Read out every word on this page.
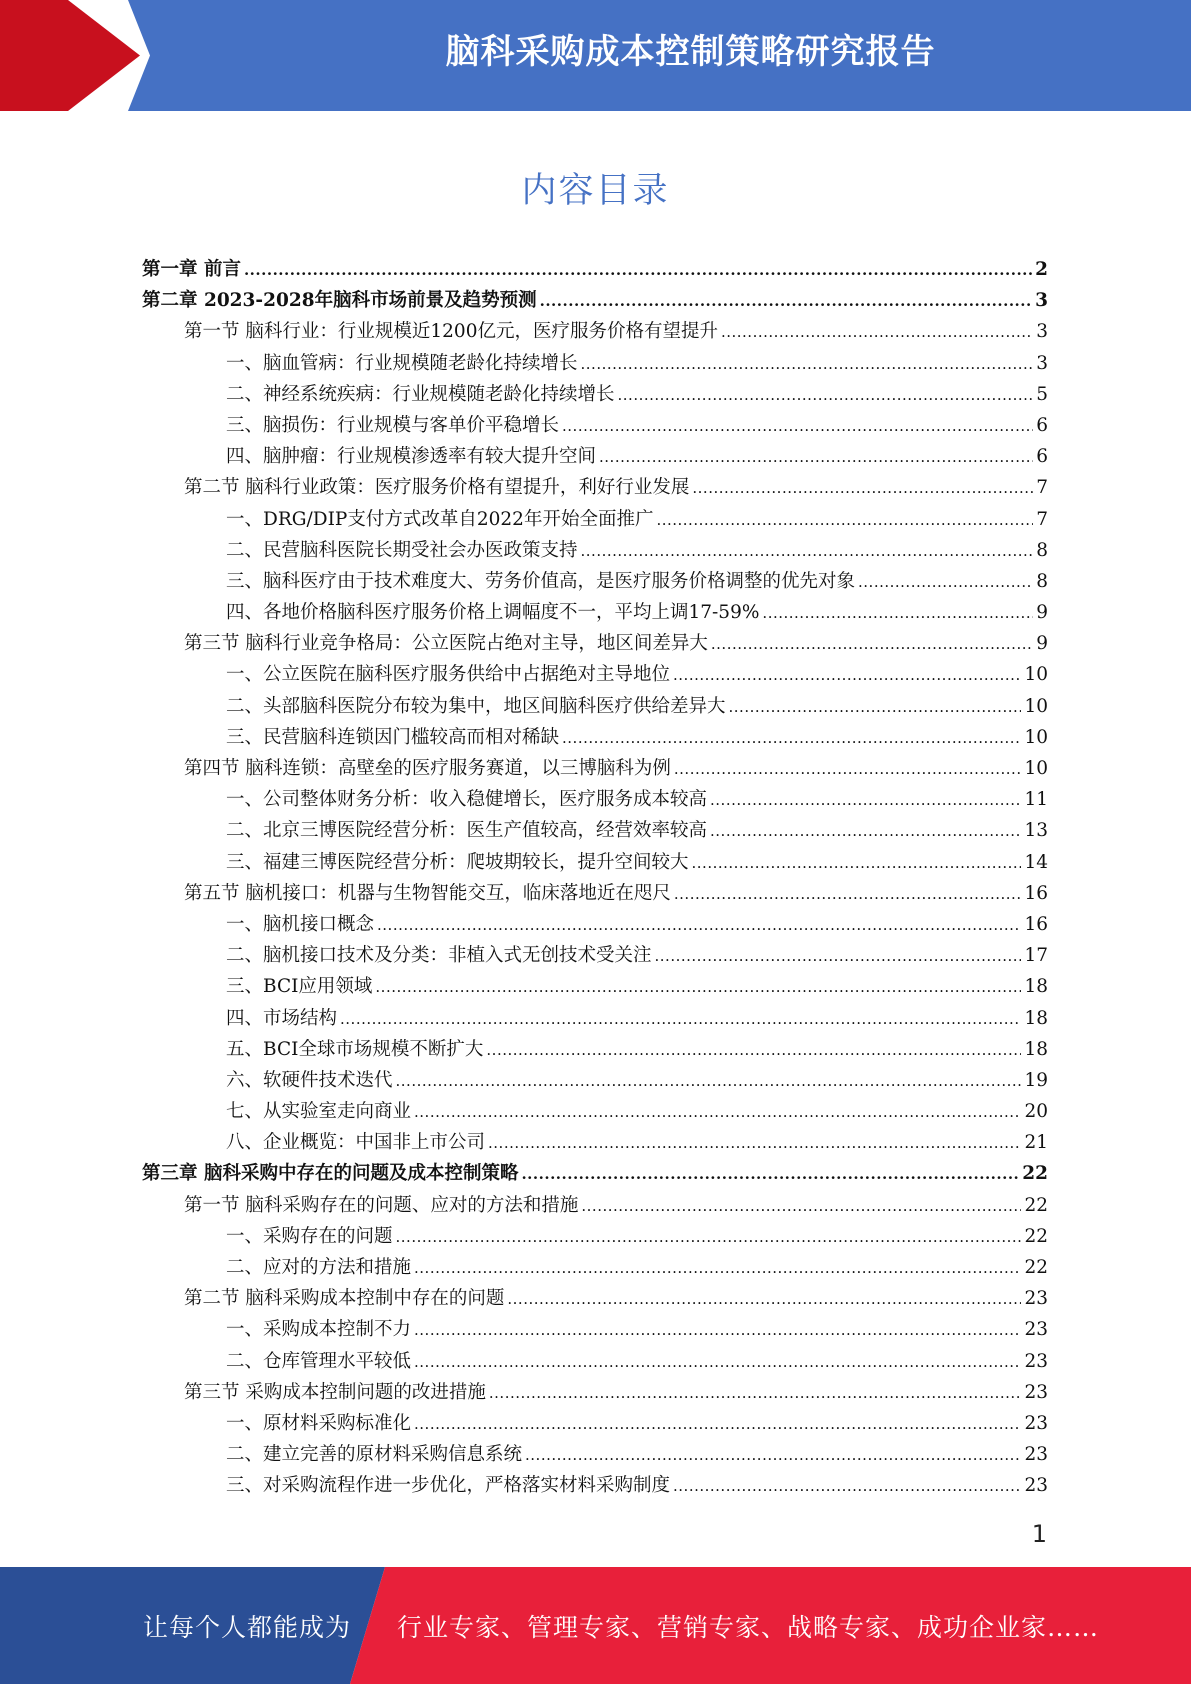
脑科采购成本控制策略研究报告
内容目录
第一章 前言 .....	2
第二章 2023-2028年脑科市场前景及趋势预测 .....	3
第一节 脑科行业：行业规模近1200亿元，医疗服务价格有望提升 .....	3
一、脑血管病：行业规模随老龄化持续增长 .....	3
二、神经系统疾病：行业规模随老龄化持续增长 .....	5
三、脑损伤：行业规模与客单价平稳增长 .....	6
四、脑肿瘤：行业规模渗透率有较大提升空间 .....	6
第二节 脑科行业政策：医疗服务价格有望提升，利好行业发展 .....	7
一、DRG/DIP支付方式改革自2022年开始全面推广 .....	7
二、民营脑科医院长期受社会办医政策支持 .....	8
三、脑科医疗由于技术难度大、劳务价值高，是医疗服务价格调整的优先对象 .....	8
四、各地价格脑科医疗服务价格上调幅度不一，平均上调17-59% .....	9
第三节 脑科行业竞争格局：公立医院占绝对主导，地区间差异大 .....	9
一、公立医院在脑科医疗服务供给中占据绝对主导地位 .....	10
二、头部脑科医院分布较为集中，地区间脑科医疗供给差异大 .....	10
三、民营脑科连锁因门槛较高而相对稀缺 .....	10
第四节 脑科连锁：高壁垒的医疗服务赛道，以三博脑科为例 .....	10
一、公司整体财务分析：收入稳健增长，医疗服务成本较高 .....	11
二、北京三博医院经营分析：医生产值较高，经营效率较高 .....	13
三、福建三博医院经营分析：爬坡期较长，提升空间较大 .....	14
第五节 脑机接口：机器与生物智能交互，临床落地近在咫尺 .....	16
一、脑机接口概念 .....	16
二、脑机接口技术及分类：非植入式无创技术受关注 .....	17
三、BCI应用领域 .....	18
四、市场结构 .....	18
五、BCI全球市场规模不断扩大 .....	18
六、软硬件技术迭代 .....	19
七、从实验室走向商业 .....	20
八、企业概览：中国非上市公司 .....	21
第三章 脑科采购中存在的问题及成本控制策略 .....	22
第一节 脑科采购存在的问题、应对的方法和措施 .....	22
一、采购存在的问题 .....	22
二、应对的方法和措施 .....	22
第二节 脑科采购成本控制中存在的问题 .....	23
一、采购成本控制不力 .....	23
二、仓库管理水平较低 .....	23
第三节 采购成本控制问题的改进措施 .....	23
一、原材料采购标准化 .....	23
二、建立完善的原材料采购信息系统 .....	23
三、对采购流程作进一步优化，严格落实材料采购制度 .....	23
1
让每个人都能成为 行业专家、管理专家、营销专家、战略专家、成功企业家……
